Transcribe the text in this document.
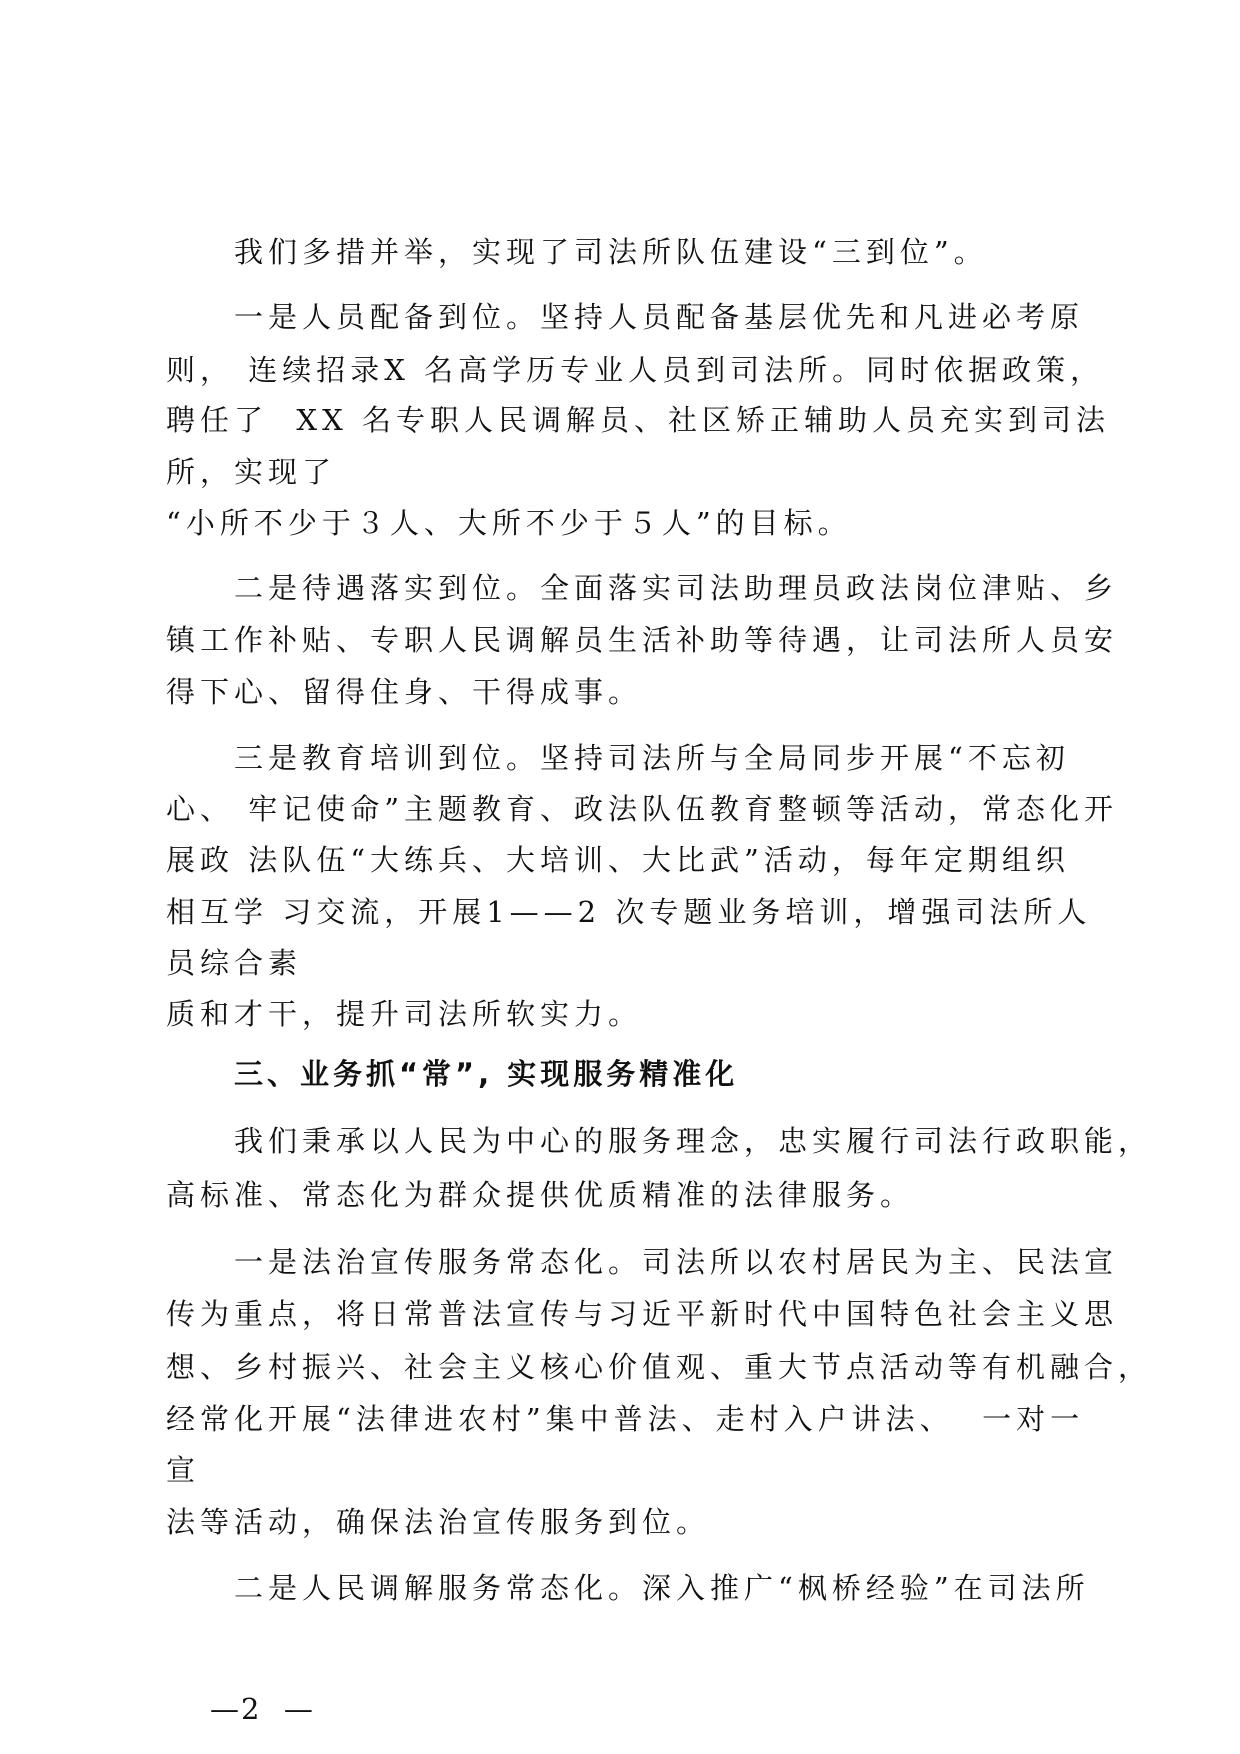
我们多措并举，实现了司法所队伍建设“三到位”。
一是人员配备到位。坚持人员配备基层优先和凡进必考原
则， 连续招录X 名高学历专业人员到司法所。同时依据政策，
聘任了  XX 名专职人民调解员、社区矫正辅助人员充实到司法
所，实现了
“小所不少于３人、大所不少于５人”的目标。
二是待遇落实到位。全面落实司法助理员政法岗位津贴、乡
镇工作补贴、专职人民调解员生活补助等待遇，让司法所人员安
得下心、留得住身、干得成事。
三是教育培训到位。坚持司法所与全局同步开展“不忘初
心、 牢记使命”主题教育、政法队伍教育整顿等活动，常态化开
展政 法队伍“大练兵、大培训、大比武”活动，每年定期组织
相互学 习交流，开展1——2 次专题业务培训，增强司法所人
员综合素
质和才干，提升司法所软实力。
三、业务抓“常”, 实现服务精准化
我们秉承以人民为中心的服务理念，忠实履行司法行政职能，
高标准、常态化为群众提供优质精准的法律服务。
一是法治宣传服务常态化。司法所以农村居民为主、民法宣
传为重点，将日常普法宣传与习近平新时代中国特色社会主义思
想、乡村振兴、社会主义核心价值观、重大节点活动等有机融合，
经常化开展“法律进农村”集中普法、走村入户讲法、  一对一
宣
法等活动，确保法治宣传服务到位。
二是人民调解服务常态化。深入推广“枫桥经验”在司法所
—2  —
